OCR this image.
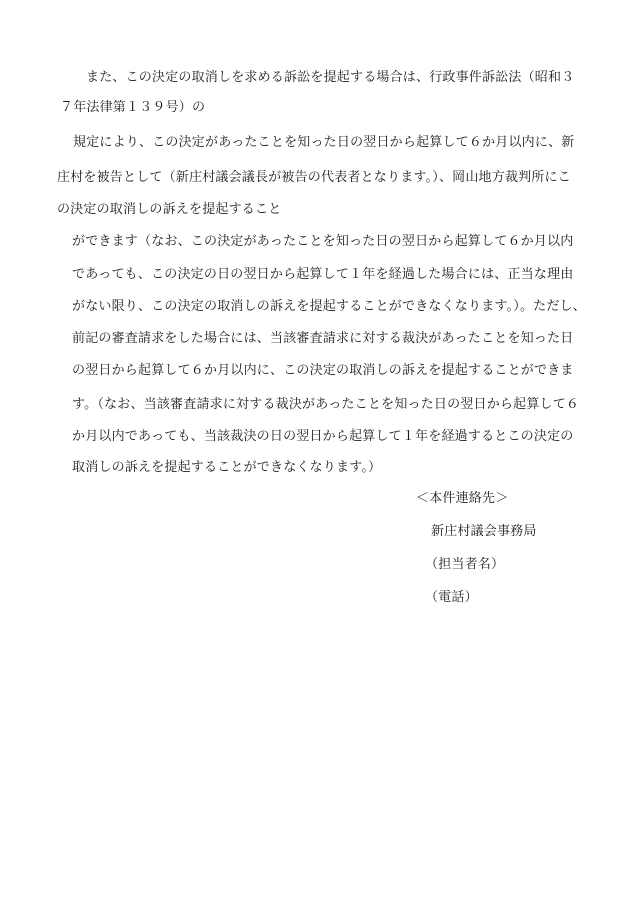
また、この決定の取消しを求める訴訟を提起する場合は、行政事件訴訟法（昭和３
７年法律第１３９号）の
規定により、この決定があったことを知った日の翌日から起算して６か月以内に、新
庄村を被告として（新庄村議会議長が被告の代表者となります。）、岡山地方裁判所にこ
の決定の取消しの訴えを提起すること
ができます（なお、この決定があったことを知った日の翌日から起算して６か月以内
であっても、この決定の日の翌日から起算して１年を経過した場合には、正当な理由
がない限り、この決定の取消しの訴えを提起することができなくなります。）。ただし、
前記の審査請求をした場合には、当該審査請求に対する裁決があったことを知った日
の翌日から起算して６か月以内に、この決定の取消しの訴えを提起することができま
す。（なお、当該審査請求に対する裁決があったことを知った日の翌日から起算して６
か月以内であっても、当該裁決の日の翌日から起算して１年を経過するとこの決定の
取消しの訴えを提起することができなくなります。）
＜本件連絡先＞
新庄村議会事務局
（担当者名）
（電話）
